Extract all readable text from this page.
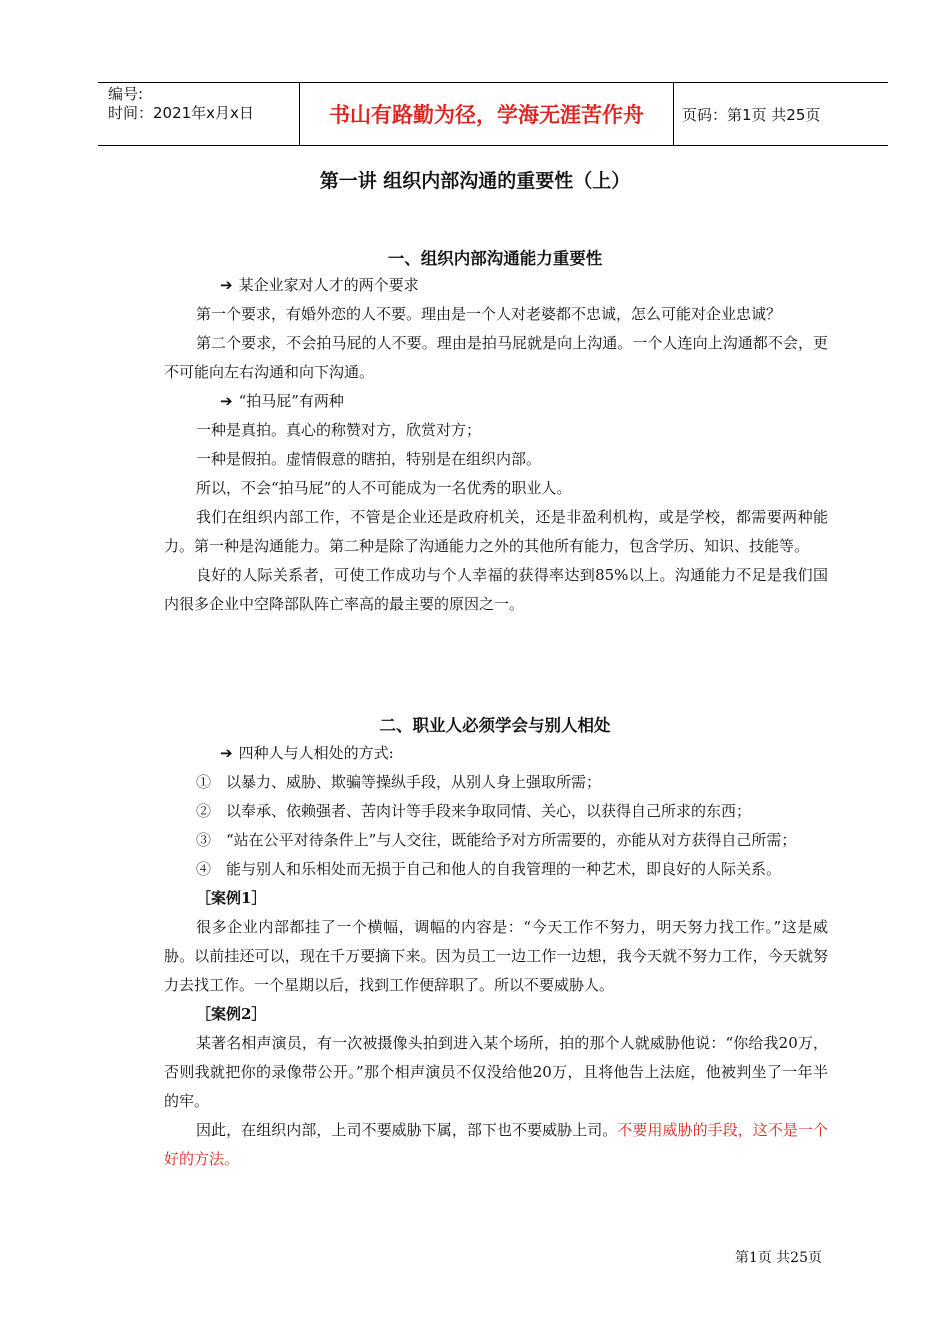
编号:
时间：2021年x月x日	书山有路勤为径，学海无涯苦作舟	页码：第1页 共25页
第一讲 组织内部沟通的重要性（上）
一、组织内部沟通能力重要性

➔ 某企业家对人才的两个要求

第一个要求，有婚外恋的人不要。理由是一个人对老婆都不忠诚，怎么可能对企业忠诚？

第二个要求，不会拍马屁的人不要。理由是拍马屁就是向上沟通。一个人连向上沟通都不会，更不可能向左右沟通和向下沟通。

➔ “拍马屁”有两种

一种是真拍。真心的称赞对方，欣赏对方；

一种是假拍。虚情假意的瞎拍，特别是在组织内部。

所以，不会“拍马屁”的人不可能成为一名优秀的职业人。

我们在组织内部工作，不管是企业还是政府机关，还是非盈利机构，或是学校，都需要两种能力。第一种是沟通能力。第二种是除了沟通能力之外的其他所有能力，包含学历、知识、技能等。

良好的人际关系者，可使工作成功与个人幸福的获得率达到85%以上。沟通能力不足是我们国内很多企业中空降部队阵亡率高的最主要的原因之一。

二、职业人必须学会与别人相处

➔ 四种人与人相处的方式:

①　以暴力、威胁、欺骗等操纵手段，从别人身上强取所需；

②　以奉承、依赖强者、苦肉计等手段来争取同情、关心，以获得自己所求的东西；

③　“站在公平对待条件上”与人交往，既能给予对方所需要的，亦能从对方获得自己所需；

④　能与别人和乐相处而无损于自己和他人的自我管理的一种艺术，即良好的人际关系。

［案例1］

很多企业内部都挂了一个横幅，调幅的内容是：“今天工作不努力，明天努力找工作。”这是威胁。以前挂还可以，现在千万要摘下来。因为员工一边工作一边想，我今天就不努力工作，今天就努力去找工作。一个星期以后，找到工作便辞职了。所以不要威胁人。

［案例2］

某著名相声演员，有一次被摄像头拍到进入某个场所，拍的那个人就威胁他说：“你给我20万，否则我就把你的录像带公开。”那个相声演员不仅没给他20万，且将他告上法庭，他被判坐了一年半的牢。

因此，在组织内部，上司不要威胁下属，部下也不要威胁上司。不要用威胁的手段，这不是一个好的方法。

第1页 共25页
